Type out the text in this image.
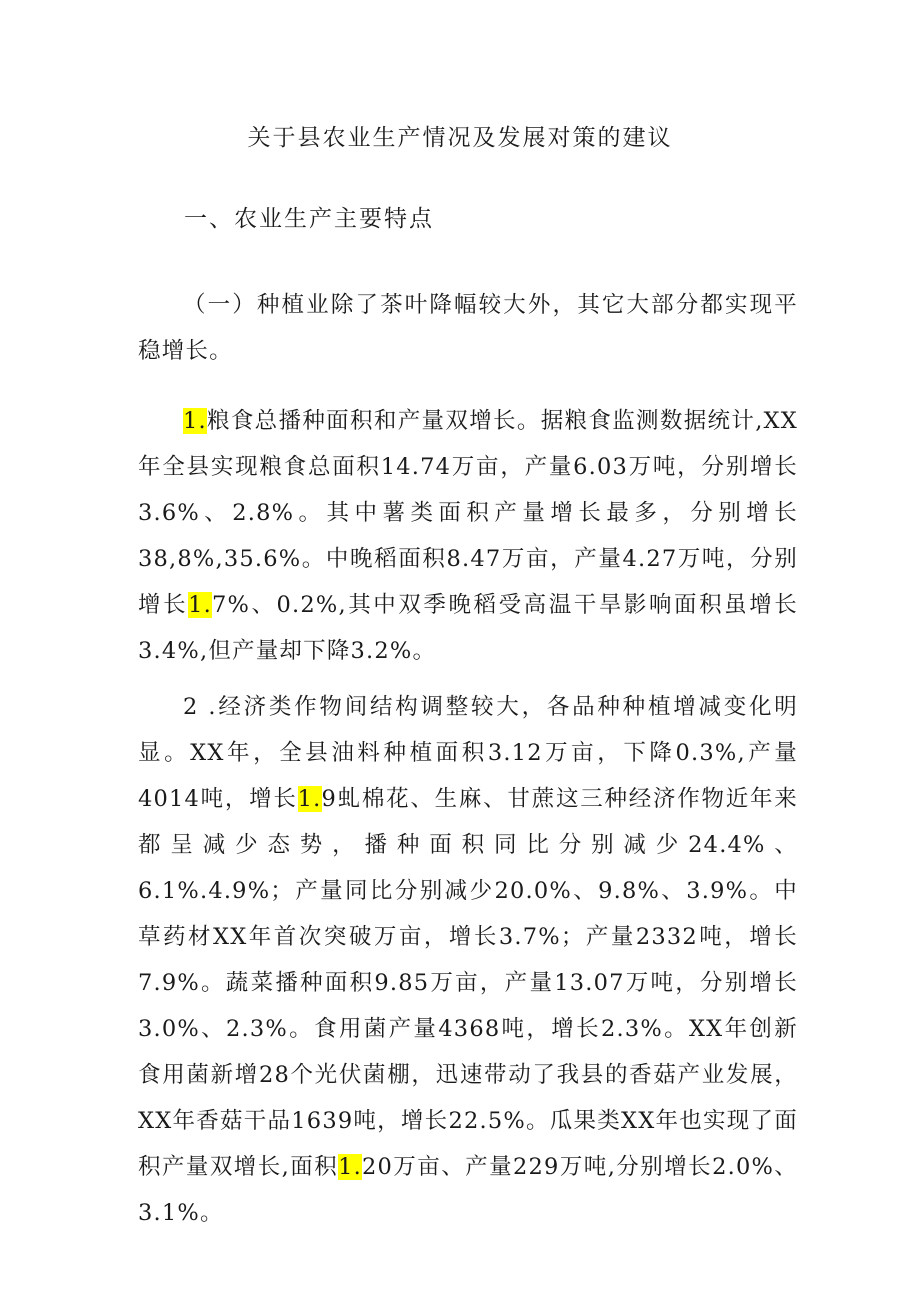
关于县农业生产情况及发展对策的建议
一、农业生产主要特点
（一）种植业除了茶叶降幅较大外，其它大部分都实现平稳增长。
1.粮食总播种面积和产量双增长。据粮食监测数据统计,XX年全县实现粮食总面积14.74万亩，产量6.03万吨，分别增长3.6%、2.8%。其中薯类面积产量增长最多，分别增长38,8%,35.6%。中晚稻面积8.47万亩，产量4.27万吨，分别增长1.7%、0.2%,其中双季晚稻受高温干旱影响面积虽增长3.4%,但产量却下降3.2%。
2 .经济类作物间结构调整较大，各品种种植增减变化明显。XX年，全县油料种植面积3.12万亩，下降0.3%,产量4014吨，增长1.9虬棉花、生麻、甘蔗这三种经济作物近年来都呈减少态势，播种面积同比分别减少24.4%、6.1%.4.9%；产量同比分别减少20.0%、9.8%、3.9%。中草药材XX年首次突破万亩，增长3.7%；产量2332吨，增长7.9%。蔬菜播种面积9.85万亩，产量13.07万吨，分别增长3.0%、2.3%。食用菌产量4368吨，增长2.3%。XX年创新食用菌新增28个光伏菌棚，迅速带动了我县的香菇产业发展，XX年香菇干品1639吨，增长22.5%。瓜果类XX年也实现了面积产量双增长,面积1.20万亩、产量229万吨,分别增长2.0%、3.1%。
